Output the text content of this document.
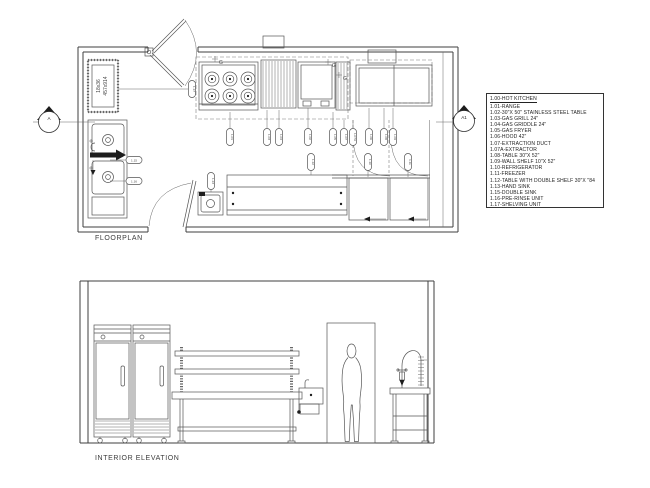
18x36 457x914
G	G
G
1.01	1.03	1.04	1.02	1.05 1.07 1.07A	1.06	1.08 1.09
1.12	1.10	1.11
1.13
1.17
1.15
1.16
A	A1
1.00-HOT KITCHEN
1.01-RANGE
1.02-30"X 50" STAINLESS STEEL TABLE
1.03-GAS GRILL 24"
1.04-GAS GRIDDLE 24"
1.05-GAS FRYER
1.06-HOOD 42"
1.07-EXTRACTION DUCT
1.07A-EXTRACTOR
1.08-TABLE 30"X 52"
1.09-WALL SHELF 10"X 52"
1.10-REFRIGERATOR
1.11-FREEZER
1.12-TABLE WITH DOUBLE SHELF 30"X "84
1.13-HAND SINK
1.15-DOUBLE SINK
1.16-PRE-RINSE UNIT
1.17-SHELVING UNIT
FLOORPLAN
INTERIOR ELEVATION
